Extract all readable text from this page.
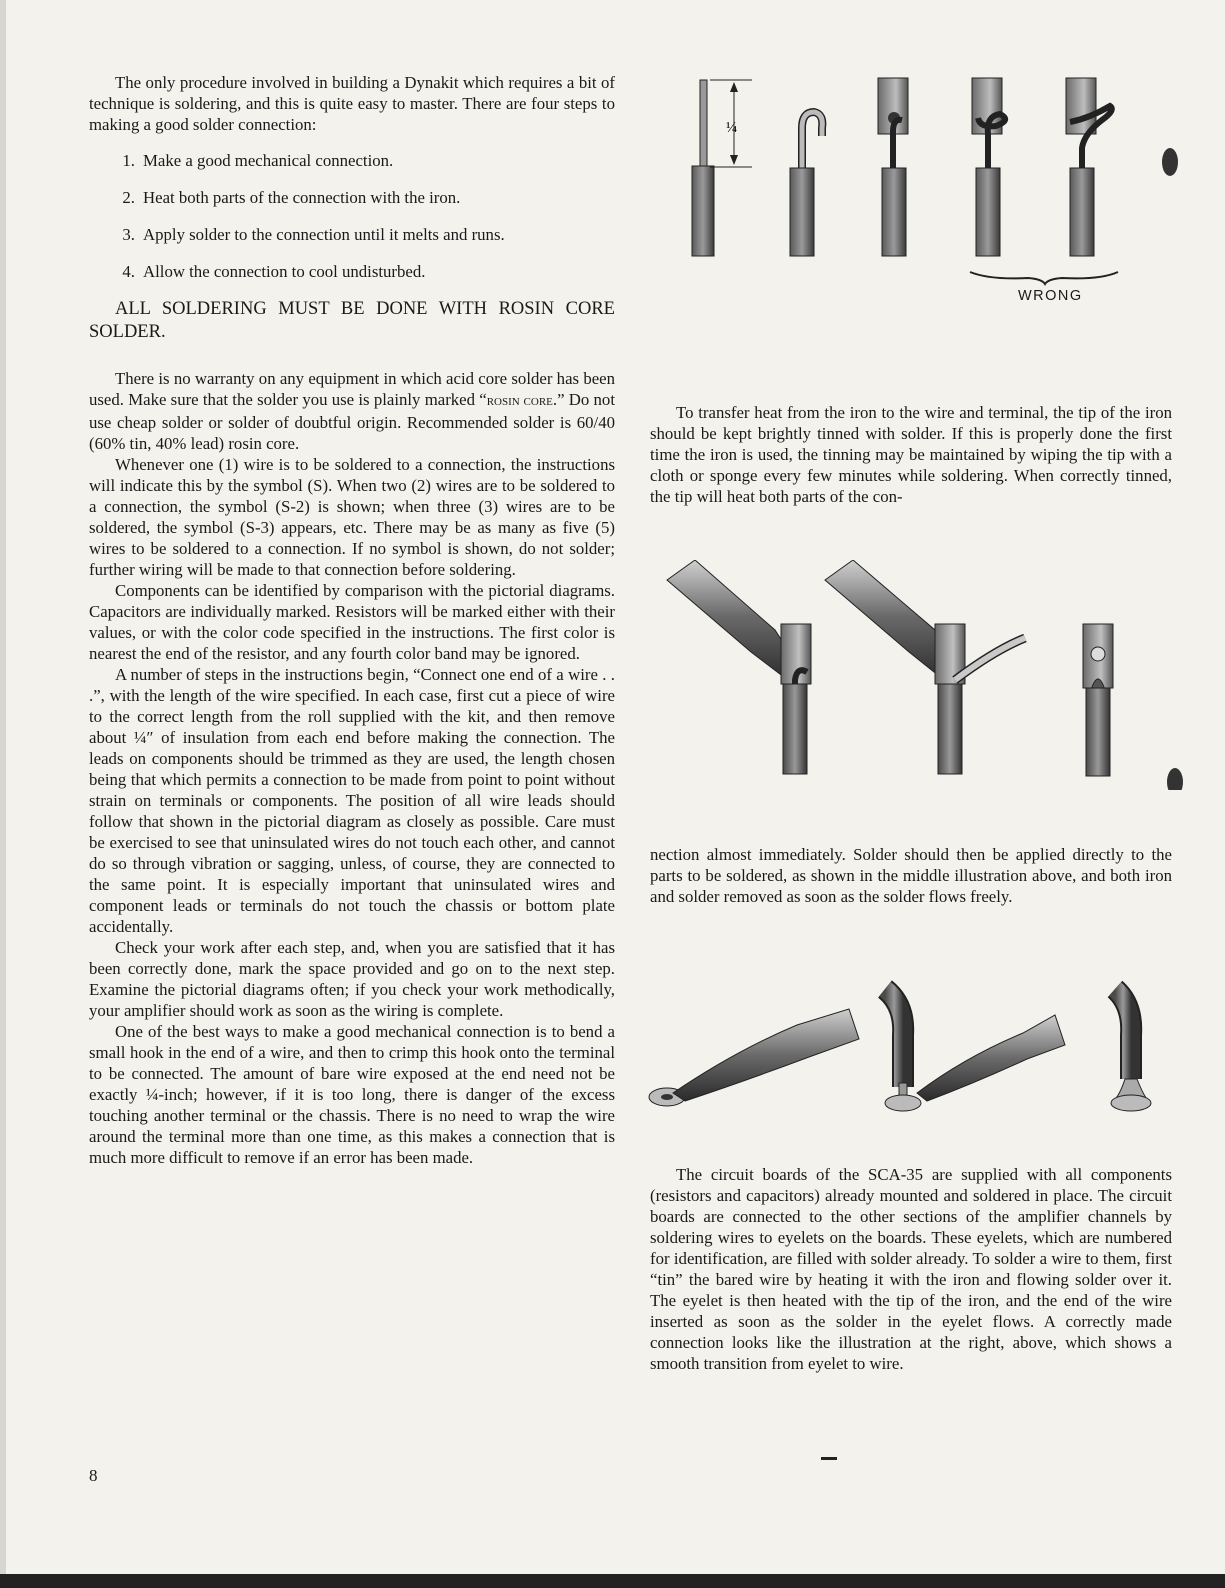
The only procedure involved in building a Dynakit which requires a bit of technique is soldering, and this is quite easy to master. There are four steps to making a good solder connection:

1. Make a good mechanical connection.
2. Heat both parts of the connection with the iron.
3. Apply solder to the connection until it melts and runs.
4. Allow the connection to cool undisturbed.

ALL SOLDERING MUST BE DONE WITH ROSIN CORE SOLDER.

There is no warranty on any equipment in which acid core solder has been used. Make sure that the solder you use is plainly marked “rosin core.” Do not use cheap solder or solder of doubtful origin. Recommended solder is 60/40 (60% tin, 40% lead) rosin core.

Whenever one (1) wire is to be soldered to a connection, the instructions will indicate this by the symbol (S). When two (2) wires are to be soldered to a connection, the symbol (S-2) is shown; when three (3) wires are to be soldered, the symbol (S-3) appears, etc. There may be as many as five (5) wires to be soldered to a connection. If no symbol is shown, do not solder; further wiring will be made to that connection before soldering.

Components can be identified by comparison with the pictorial diagrams. Capacitors are individually marked. Resistors will be marked either with their values, or with the color code specified in the instructions. The first color is nearest the end of the resistor, and any fourth color band may be ignored.

A number of steps in the instructions begin, “Connect one end of a wire . . .”, with the length of the wire specified. In each case, first cut a piece of wire to the correct length from the roll supplied with the kit, and then remove about ¼″ of insulation from each end before making the connection. The leads on components should be trimmed as they are used, the length chosen being that which permits a connection to be made from point to point without strain on terminals or components. The position of all wire leads should follow that shown in the pictorial diagram as closely as possible. Care must be exercised to see that uninsulated wires do not touch each other, and cannot do so through vibration or sagging, unless, of course, they are connected to the same point. It is especially important that uninsulated wires and component leads or terminals do not touch the chassis or bottom plate accidentally.

Check your work after each step, and, when you are satisfied that it has been correctly done, mark the space provided and go on to the next step. Examine the pictorial diagrams often; if you check your work methodically, your amplifier should work as soon as the wiring is complete.

One of the best ways to make a good mechanical connection is to bend a small hook in the end of a wire, and then to crimp this hook onto the terminal to be connected. The amount of bare wire exposed at the end need not be exactly ¼-inch; however, if it is too long, there is danger of the excess touching another terminal or the chassis. There is no need to wrap the wire around the terminal more than one time, as this makes a connection that is much more difficult to remove if an error has been made.

8
¼
WRONG

To transfer heat from the iron to the wire and terminal, the tip of the iron should be kept brightly tinned with solder. If this is properly done the first time the iron is used, the tinning may be maintained by wiping the tip with a cloth or sponge every few minutes while soldering. When correctly tinned, the tip will heat both parts of the con-

nection almost immediately. Solder should then be applied directly to the parts to be soldered, as shown in the middle illustration above, and both iron and solder removed as soon as the solder flows freely.

The circuit boards of the SCA-35 are supplied with all components (resistors and capacitors) already mounted and soldered in place. The circuit boards are connected to the other sections of the amplifier channels by soldering wires to eyelets on the boards. These eyelets, which are numbered for identification, are filled with solder already. To solder a wire to them, first “tin” the bared wire by heating it with the iron and flowing solder over it. The eyelet is then heated with the tip of the iron, and the end of the wire inserted as soon as the solder in the eyelet flows. A correctly made connection looks like the illustration at the right, above, which shows a smooth transition from eyelet to wire.
